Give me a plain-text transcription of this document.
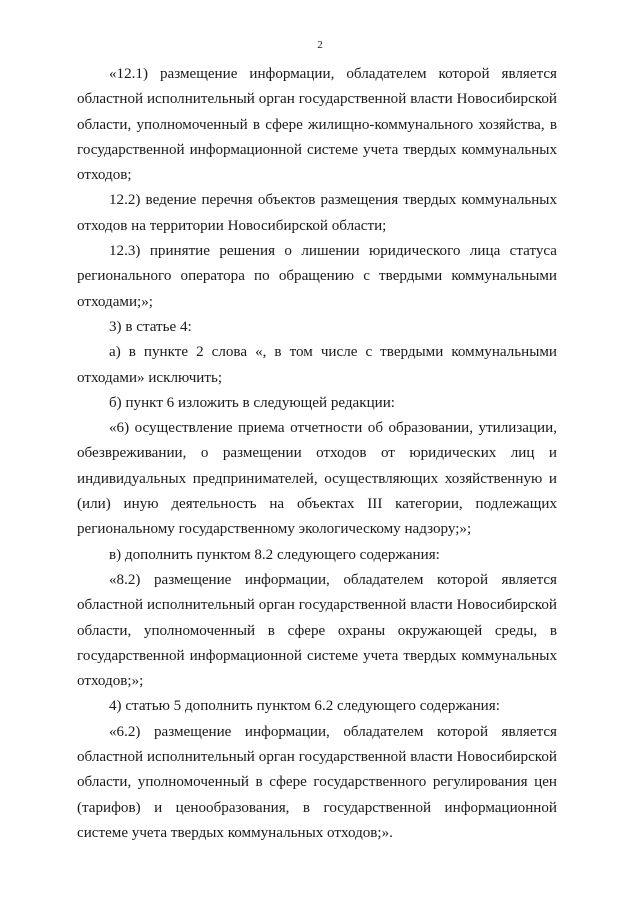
2

«12.1) размещение информации, обладателем которой является областной исполнительный орган государственной власти Новосибирской области, уполномоченный в сфере жилищно-коммунального хозяйства, в государственной информационной системе учета твердых коммунальных отходов;

12.2) ведение перечня объектов размещения твердых коммунальных отходов на территории Новосибирской области;

12.3) принятие решения о лишении юридического лица статуса регионального оператора по обращению с твердыми коммунальными отходами;»;

3) в статье 4:

а) в пункте 2 слова «, в том числе с твердыми коммунальными отходами» исключить;

б) пункт 6 изложить в следующей редакции:

«6) осуществление приема отчетности об образовании, утилизации, обезвреживании, о размещении отходов от юридических лиц и индивидуальных предпринимателей, осуществляющих хозяйственную и (или) иную деятельность на объектах III категории, подлежащих региональному государственному экологическому надзору;»;

в) дополнить пунктом 8.2 следующего содержания:

«8.2) размещение информации, обладателем которой является областной исполнительный орган государственной власти Новосибирской области, уполномоченный в сфере охраны окружающей среды, в государственной информационной системе учета твердых коммунальных отходов;»;

4) статью 5 дополнить пунктом 6.2 следующего содержания:

«6.2) размещение информации, обладателем которой является областной исполнительный орган государственной власти Новосибирской области, уполномоченный в сфере государственного регулирования цен (тарифов) и ценообразования, в государственной информационной системе учета твердых коммунальных отходов;».
